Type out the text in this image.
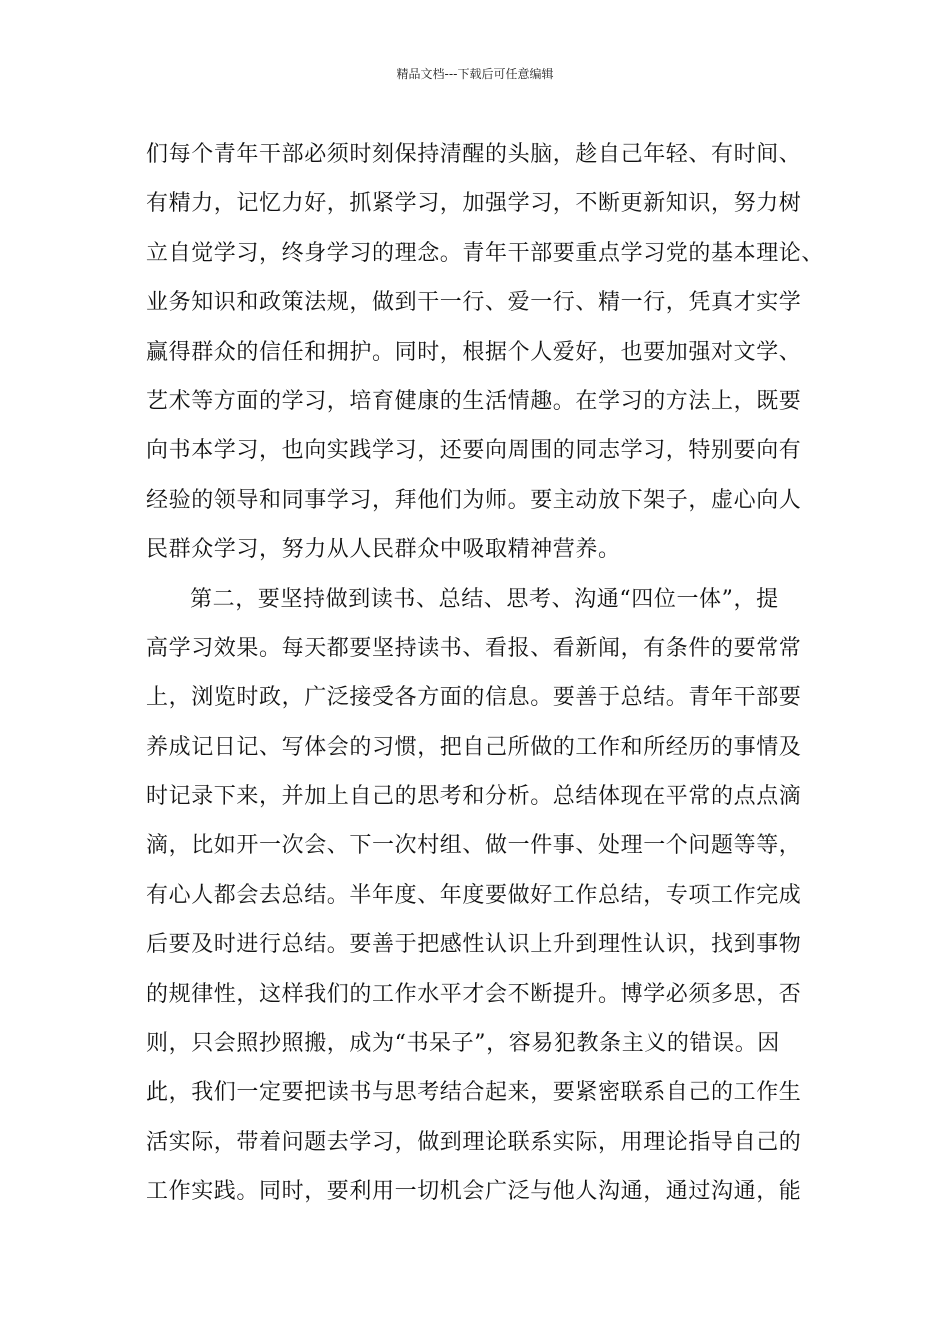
精品文档---下载后可任意编辑
们每个青年干部必须时刻保持清醒的头脑，趁自己年轻、有时间、
有精力，记忆力好，抓紧学习，加强学习，不断更新知识，努力树
立自觉学习，终身学习的理念。青年干部要重点学习党的基本理论、
业务知识和政策法规，做到干一行、爱一行、精一行，凭真才实学
赢得群众的信任和拥护。同时，根据个人爱好，也要加强对文学、
艺术等方面的学习，培育健康的生活情趣。在学习的方法上，既要
向书本学习，也向实践学习，还要向周围的同志学习，特别要向有
经验的领导和同事学习，拜他们为师。要主动放下架子，虚心向人
民群众学习，努力从人民群众中吸取精神营养。
第二，要坚持做到读书、总结、思考、沟通“四位一体”，提
高学习效果。每天都要坚持读书、看报、看新闻，有条件的要常常
上，浏览时政，广泛接受各方面的信息。要善于总结。青年干部要
养成记日记、写体会的习惯，把自己所做的工作和所经历的事情及
时记录下来，并加上自己的思考和分析。总结体现在平常的点点滴
滴，比如开一次会、下一次村组、做一件事、处理一个问题等等，
有心人都会去总结。半年度、年度要做好工作总结，专项工作完成
后要及时进行总结。要善于把感性认识上升到理性认识，找到事物
的规律性，这样我们的工作水平才会不断提升。博学必须多思，否
则，只会照抄照搬，成为“书呆子”，容易犯教条主义的错误。因
此，我们一定要把读书与思考结合起来，要紧密联系自己的工作生
活实际，带着问题去学习，做到理论联系实际，用理论指导自己的
工作实践。同时，要利用一切机会广泛与他人沟通，通过沟通，能
